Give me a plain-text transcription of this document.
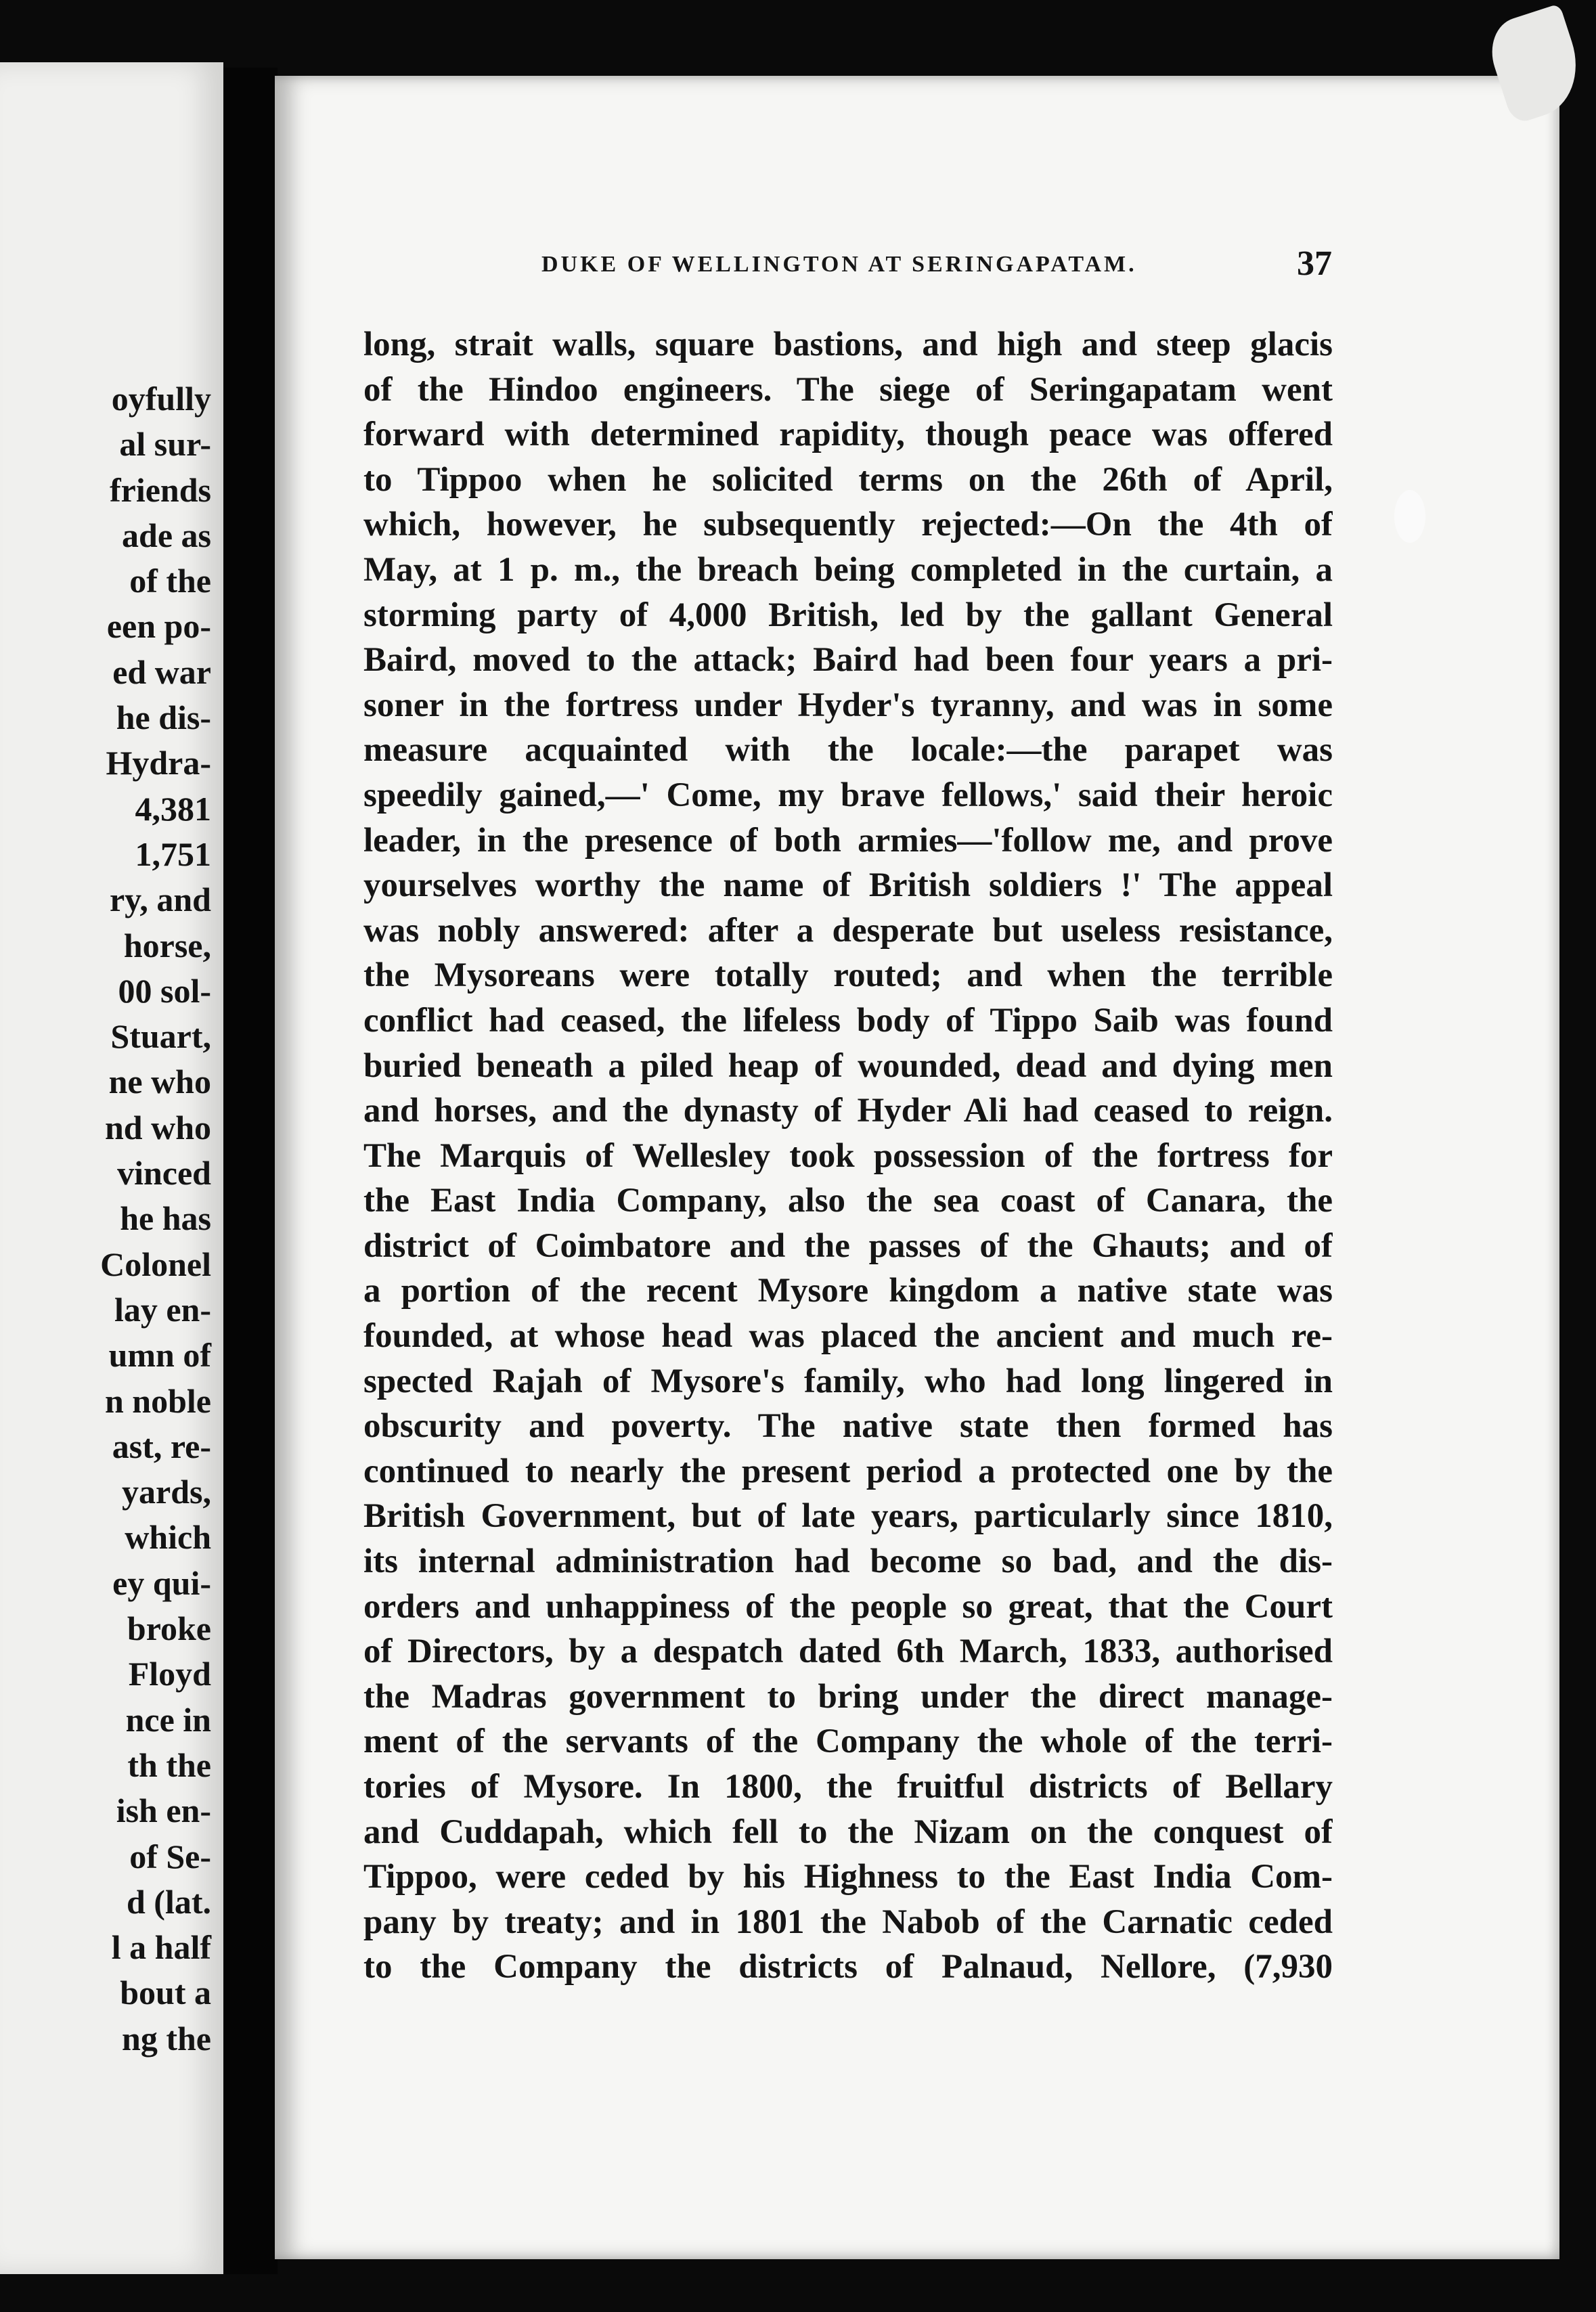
oyfully
al sur-
friends
ade as
of the
een po-
ed war
he dis-
Hydra-
4,381
1,751
ry, and
horse,
00 sol-
Stuart,
ne who
nd who
vinced
he has
Colonel
lay en-
umn of
n noble
ast, re-
yards,
which
ey qui-
broke
Floyd
nce in
th the
ish en-
of Se-
d (lat.
l a half
bout a
ng the
DUKE OF WELLINGTON AT SERINGAPATAM.	37
long, strait walls, square bastions, and high and steep glacis
of the Hindoo engineers. The siege of Seringapatam went
forward with determined rapidity, though peace was offered
to Tippoo when he solicited terms on the 26th of April,
which, however, he subsequently rejected:—On the 4th of
May, at 1 p. m., the breach being completed in the curtain, a
storming party of 4,000 British, led by the gallant General
Baird, moved to the attack; Baird had been four years a pri-
soner in the fortress under Hyder's tyranny, and was in some
measure acquainted with the locale:—the parapet was
speedily gained,—' Come, my brave fellows,' said their heroic
leader, in the presence of both armies—'follow me, and prove
yourselves worthy the name of British soldiers !' The appeal
was nobly answered: after a desperate but useless resistance,
the Mysoreans were totally routed; and when the terrible
conflict had ceased, the lifeless body of Tippo Saib was found
buried beneath a piled heap of wounded, dead and dying men
and horses, and the dynasty of Hyder Ali had ceased to reign.
The Marquis of Wellesley took possession of the fortress for
the East India Company, also the sea coast of Canara, the
district of Coimbatore and the passes of the Ghauts; and of
a portion of the recent Mysore kingdom a native state was
founded, at whose head was placed the ancient and much re-
spected Rajah of Mysore's family, who had long lingered in
obscurity and poverty. The native state then formed has
continued to nearly the present period a protected one by the
British Government, but of late years, particularly since 1810,
its internal administration had become so bad, and the dis-
orders and unhappiness of the people so great, that the Court
of Directors, by a despatch dated 6th March, 1833, authorised
the Madras government to bring under the direct manage-
ment of the servants of the Company the whole of the terri-
tories of Mysore. In 1800, the fruitful districts of Bellary
and Cuddapah, which fell to the Nizam on the conquest of
Tippoo, were ceded by his Highness to the East India Com-
pany by treaty; and in 1801 the Nabob of the Carnatic ceded
to the Company the districts of Palnaud, Nellore, (7,930
